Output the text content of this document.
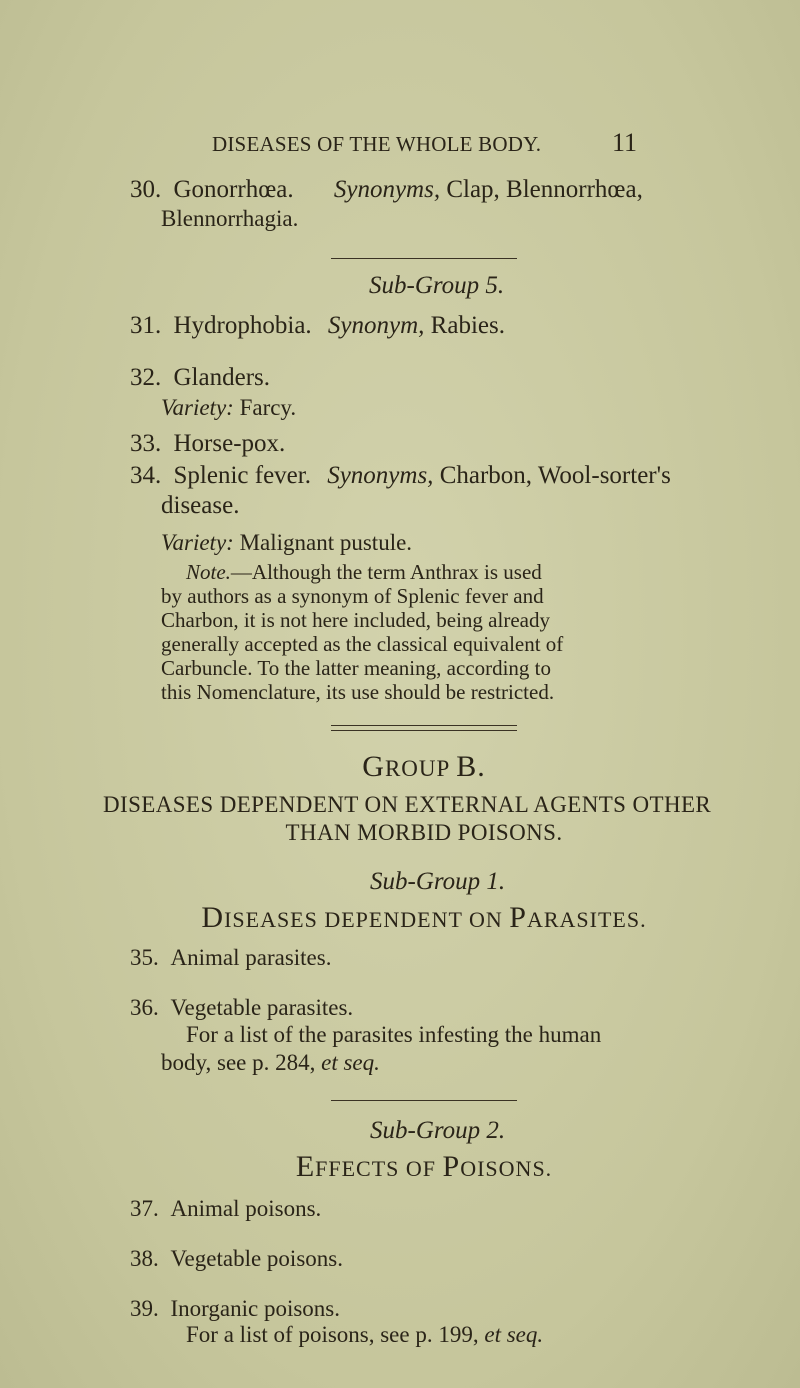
DISEASES OF THE WHOLE BODY.	11
30. Gonorrhœa. Synonyms, Clap, Blennorrhœa,
Blennorrhagia.
Sub-Group 5.
31. Hydrophobia. Synonym, Rabies.
32. Glanders.
Variety: Farcy.
33. Horse-pox.
34. Splenic fever. Synonyms, Charbon, Wool-sorter's
disease.
Variety: Malignant pustule.
Note.—Although the term Anthrax is used
by authors as a synonym of Splenic fever and
Charbon, it is not here included, being already
generally accepted as the classical equivalent of
Carbuncle. To the latter meaning, according to
this Nomenclature, its use should be restricted.
GROUP B.
DISEASES DEPENDENT ON EXTERNAL AGENTS OTHER
THAN MORBID POISONS.
Sub-Group 1.
DISEASES DEPENDENT ON PARASITES.
35. Animal parasites.
36. Vegetable parasites.
For a list of the parasites infesting the human
body, see p. 284, et seq.
Sub-Group 2.
EFFECTS OF POISONS.
37. Animal poisons.
38. Vegetable poisons.
39. Inorganic poisons.
For a list of poisons, see p. 199, et seq.
